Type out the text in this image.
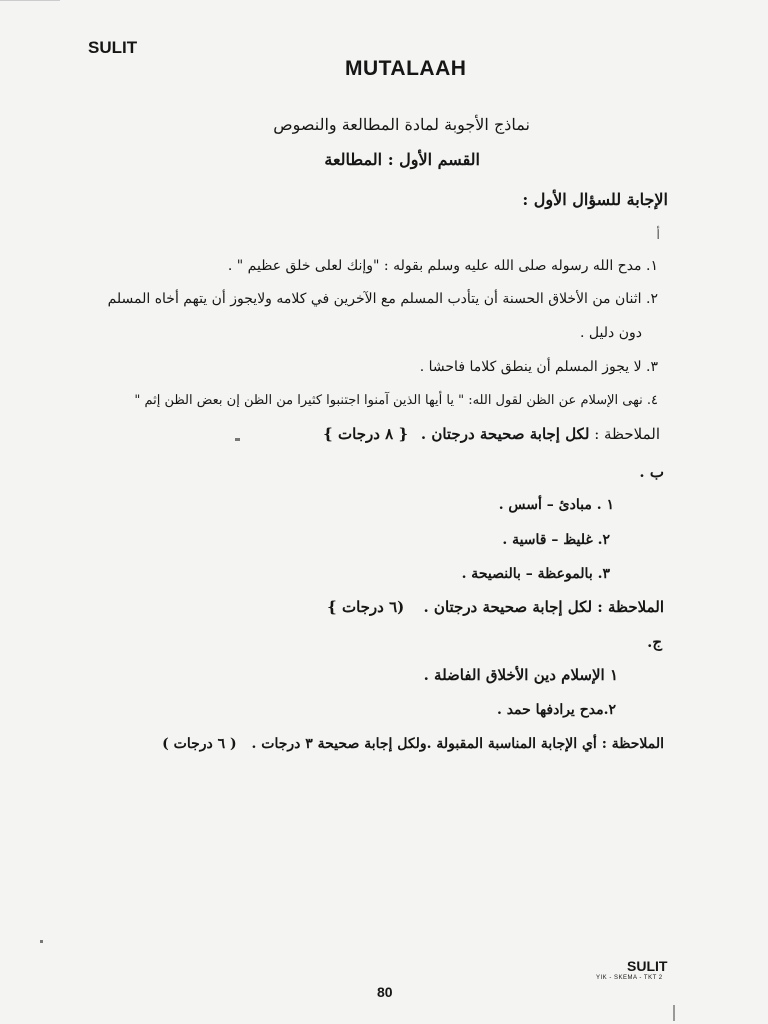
SULIT
MUTALAAH
نماذج الأجوبة لمادة المطالعة والنصوص
القسم الأول : المطالعة
الإجابة للسؤال الأول :
أ
١. مدح الله رسوله صلى الله عليه وسلم بقوله : "وإنك لعلى خلق عظيم " .
٢. اثنان من الأخلاق الحسنة أن يتأدب المسلم مع الآخرين في كلامه ولايجوز أن يتهم أخاه المسلم
دون دليل .
٣. لا يجوز المسلم أن ينطق كلاما فاحشا .
٤. نهى الإسلام عن الظن لقول الله: " يا أيها الذين آمنوا اجتنبوا كثيرا من الظن إن بعض الظن إثم "
الملاحظة : لكل إجابة صحيحة درجتان . { ٨ درجات }
ب .
١ . مبادئ – أسس .
٢. غليظ – قاسية .
٣. بالموعظة – بالنصيحة .
الملاحظة : لكل إجابة صحيحة درجتان . (٦ درجات }
ج.
١ الإسلام دين الأخلاق الفاضلة .
٢.مدح يرادفها حمد .
الملاحظة : أي الإجابة المناسبة المقبولة .ولكل إجابة صحيحة ٣ درجات . ( ٦ درجات )
SULIT
YIK - SKEMA - TKT 2
80
